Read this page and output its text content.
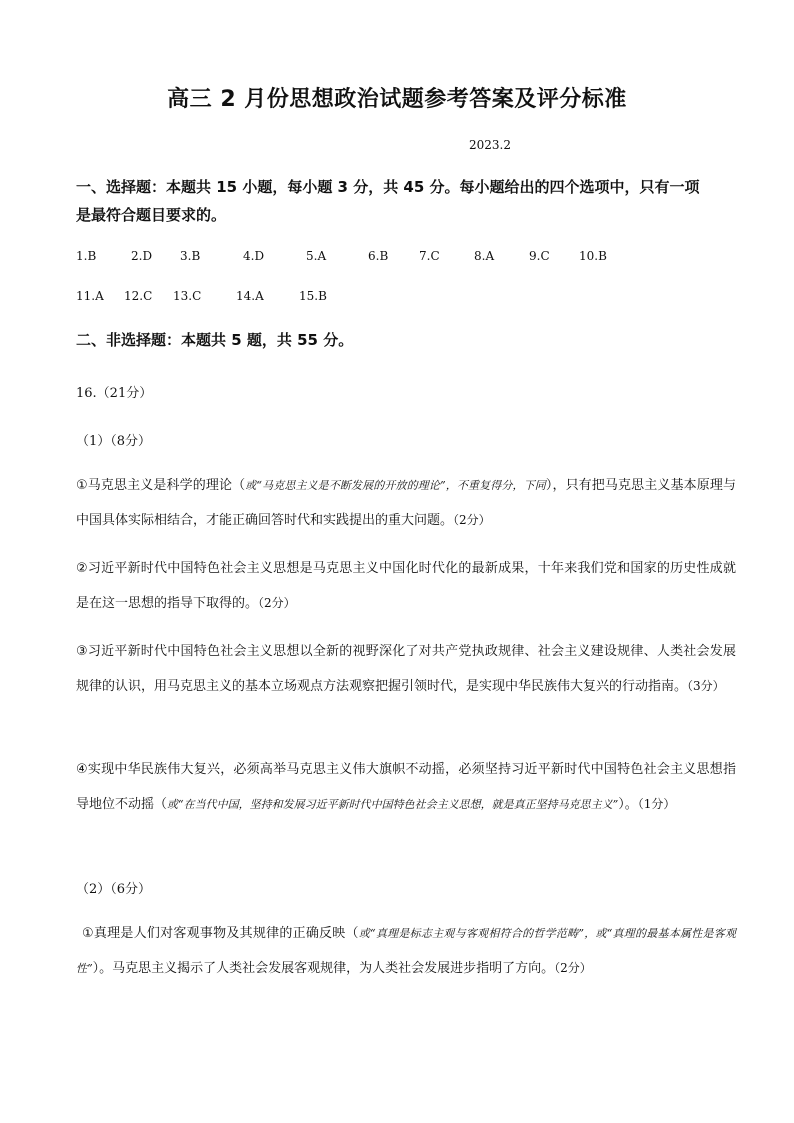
高三 2 月份思想政治试题参考答案及评分标准
2023.2
一、选择题：本题共 15 小题，每小题 3 分，共 45 分。每小题给出的四个选项中，只有一项
是最符合题目要求的。
1.B	2.D 3.B	4.D	5.A	6.B	7.C	8.A	9.C 10.B
11.A 12.C 13.C	14.A	15.B
二、非选择题：本题共 5 题，共 55 分。
16.（21分）
（1）（8分）
①马克思主义是科学的理论（或“马克思主义是不断发展的开放的理论”，不重复得分，下同），只有把马克思主义基本原理与中国具体实际相结合，才能正确回答时代和实践提出的重大问题。（2分）
②习近平新时代中国特色社会主义思想是马克思主义中国化时代化的最新成果，十年来我们党和国家的历史性成就是在这一思想的指导下取得的。（2分）
③习近平新时代中国特色社会主义思想以全新的视野深化了对共产党执政规律、社会主义建设规律、人类社会发展规律的认识，用马克思主义的基本立场观点方法观察把握引领时代，是实现中华民族伟大复兴的行动指南。（3分）
④实现中华民族伟大复兴，必须高举马克思主义伟大旗帜不动摇，必须坚持习近平新时代中国特色社会主义思想指导地位不动摇（或“在当代中国，坚持和发展习近平新时代中国特色社会主义思想，就是真正坚持马克思主义”）。（1分）
（2）（6分）
①真理是人们对客观事物及其规律的正确反映（或“真理是标志主观与客观相符合的哲学范畴”，或“真理的最基本属性是客观性”）。马克思主义揭示了人类社会发展客观规律，为人类社会发展进步指明了方向。（2分）
